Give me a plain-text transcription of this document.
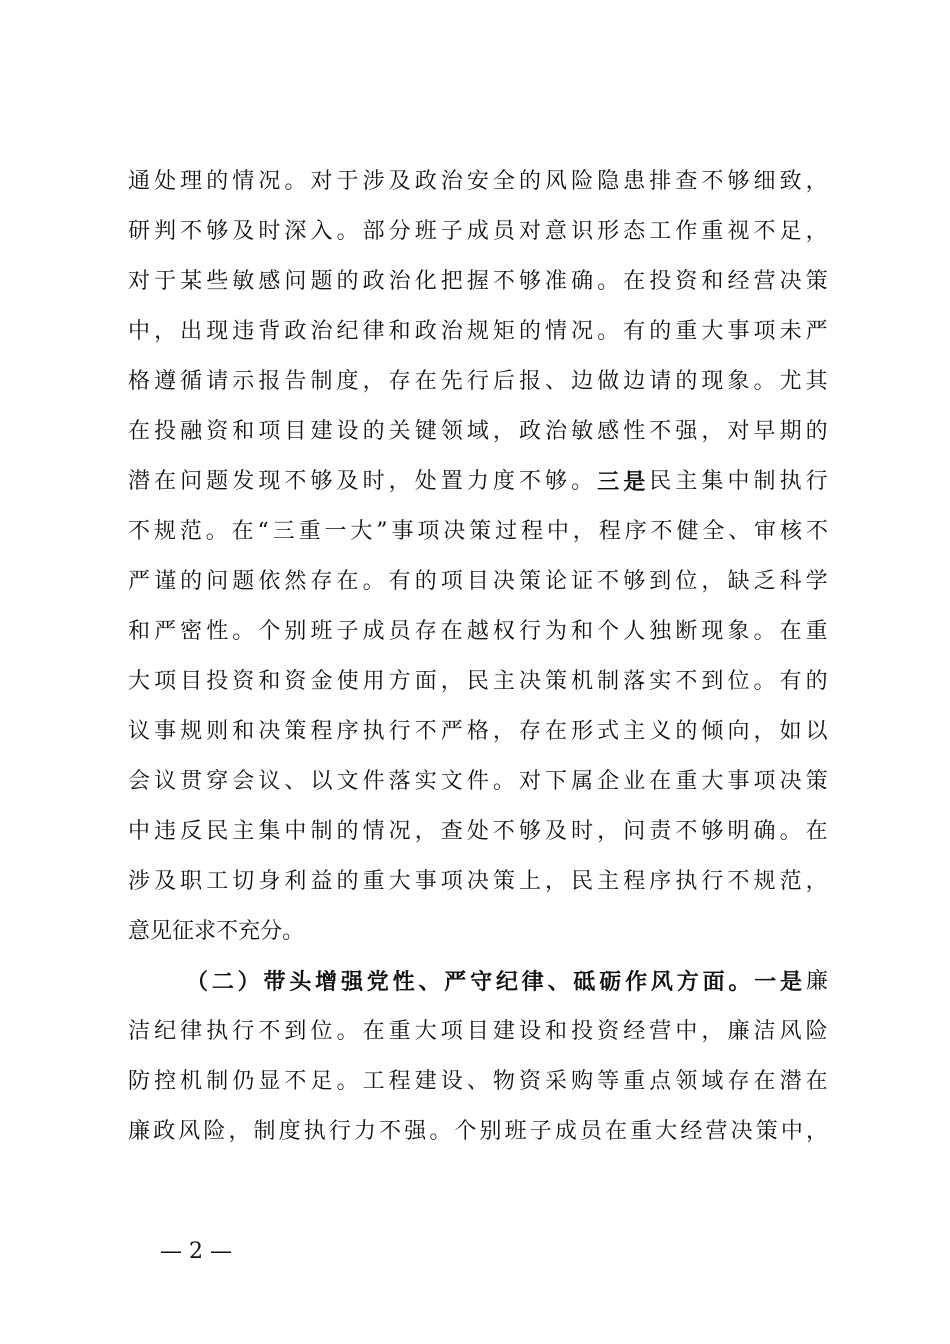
通 处 理 的 情 况 。 对 于 涉 及 政 治 安 全 的 风 险 隐 患 排 查 不 够 细 致 ，
研 判 不 够 及 时 深 入 。 部 分 班 子 成 员 对 意 识 形 态 工 作 重 视 不 足 ，
对 于 某 些 敏 感 问 题 的 政 治 化 把 握 不 够 准 确 。 在 投 资 和 经 营 决 策
中 ， 出 现 违 背 政 治 纪 律 和 政 治 规 矩 的 情 况 。 有 的 重 大 事 项 未 严
格 遵 循 请 示 报 告 制 度 ， 存 在 先 行 后 报 、 边 做 边 请 的 现 象 。 尤 其
在 投 融 资 和 项 目 建 设 的 关 键 领 域 ， 政 治 敏 感 性 不 强 ， 对 早 期 的
潜 在 问 题 发 现 不 够 及 时 ， 处 置 力 度 不 够 。 三 是 民 主 集 中 制 执 行
不 规 范 。 在 “ 三 重 一 大 ” 事 项 决 策 过 程 中 ， 程 序 不 健 全 、 审 核 不
严 谨 的 问 题 依 然 存 在 。 有 的 项 目 决 策 论 证 不 够 到 位 ， 缺 乏 科 学
和 严 密 性 。 个 别 班 子 成 员 存 在 越 权 行 为 和 个 人 独 断 现 象 。 在 重
大 项 目 投 资 和 资 金 使 用 方 面 ， 民 主 决 策 机 制 落 实 不 到 位 。 有 的
议 事 规 则 和 决 策 程 序 执 行 不 严 格 ， 存 在 形 式 主 义 的 倾 向 ， 如 以
会 议 贯 穿 会 议 、 以 文 件 落 实 文 件 。 对 下 属 企 业 在 重 大 事 项 决 策
中 违 反 民 主 集 中 制 的 情 况 ， 查 处 不 够 及 时 ， 问 责 不 够 明 确 。 在
涉 及 职 工 切 身 利 益 的 重 大 事 项 决 策 上 ， 民 主 程 序 执 行 不 规 范 ，
意 见 征 求 不 充 分 。
（ 二 ） 带 头 增 强 党 性 、 严 守 纪 律 、 砥 砺 作 风 方 面 。 一 是 廉
洁 纪 律 执 行 不 到 位 。 在 重 大 项 目 建 设 和 投 资 经 营 中 ， 廉 洁 风 险
防 控 机 制 仍 显 不 足 。 工 程 建 设 、 物 资 采 购 等 重 点 领 域 存 在 潜 在
廉 政 风 险 ， 制 度 执 行 力 不 强 。 个 别 班 子 成 员 在 重 大 经 营 决 策 中 ，
— 2 —
